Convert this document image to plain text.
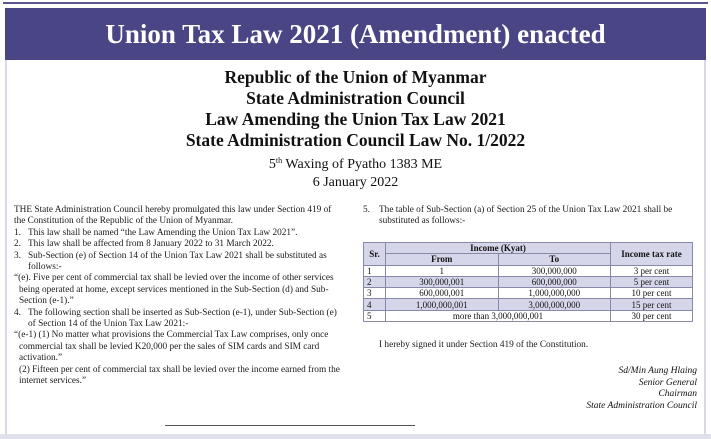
Union Tax Law 2021 (Amendment) enacted
Republic of the Union of Myanmar
State Administration Council
Law Amending the Union Tax Law 2021
State Administration Council Law No. 1/2022
5th Waxing of Pyatho 1383 ME
6 January 2022
THE State Administration Council hereby promulgated this law under Section 419 of the Constitution of the Republic of the Union of Myanmar.
1. This law shall be named “the Law Amending the Union Tax Law 2021”.
2. This law shall be affected from 8 January 2022 to 31 March 2022.
3. Sub-Section (e) of Section 14 of the Union Tax Law 2021 shall be substituted as follows:-
“(e). Five per cent of commercial tax shall be levied over the income of other services being operated at home, except services mentioned in the Sub-Section (d) and Sub-Section (e-1).”
4. The following section shall be inserted as Sub-Section (e-1), under Sub-Section (e) of Section 14 of the Union Tax Law 2021:-
“(e-1) (1) No matter what provisions the Commercial Tax Law comprises, only once commercial tax shall be levied K20,000 per the sales of SIM cards and SIM card activation.”
(2) Fifteen per cent of commercial tax shall be levied over the income earned from the internet services.”
5. The table of Sub-Section (a) of Section 25 of the Union Tax Law 2021 shall be substituted as follows:-
Sr.	Income (Kyat)		Income tax rate
	From	To	
1	1	300,000,000	3 per cent
2	300,000,001	600,000,000	5 per cent
3	600,000,001	1,000,000,000	10 per cent
4	1,000,000,001	3,000,000,000	15 per cent
5	more than 3,000,000,001		30 per cent
I hereby signed it under Section 419 of the Constitution.
Sd/Min Aung Hlaing
Senior General
Chairman
State Administration Council
